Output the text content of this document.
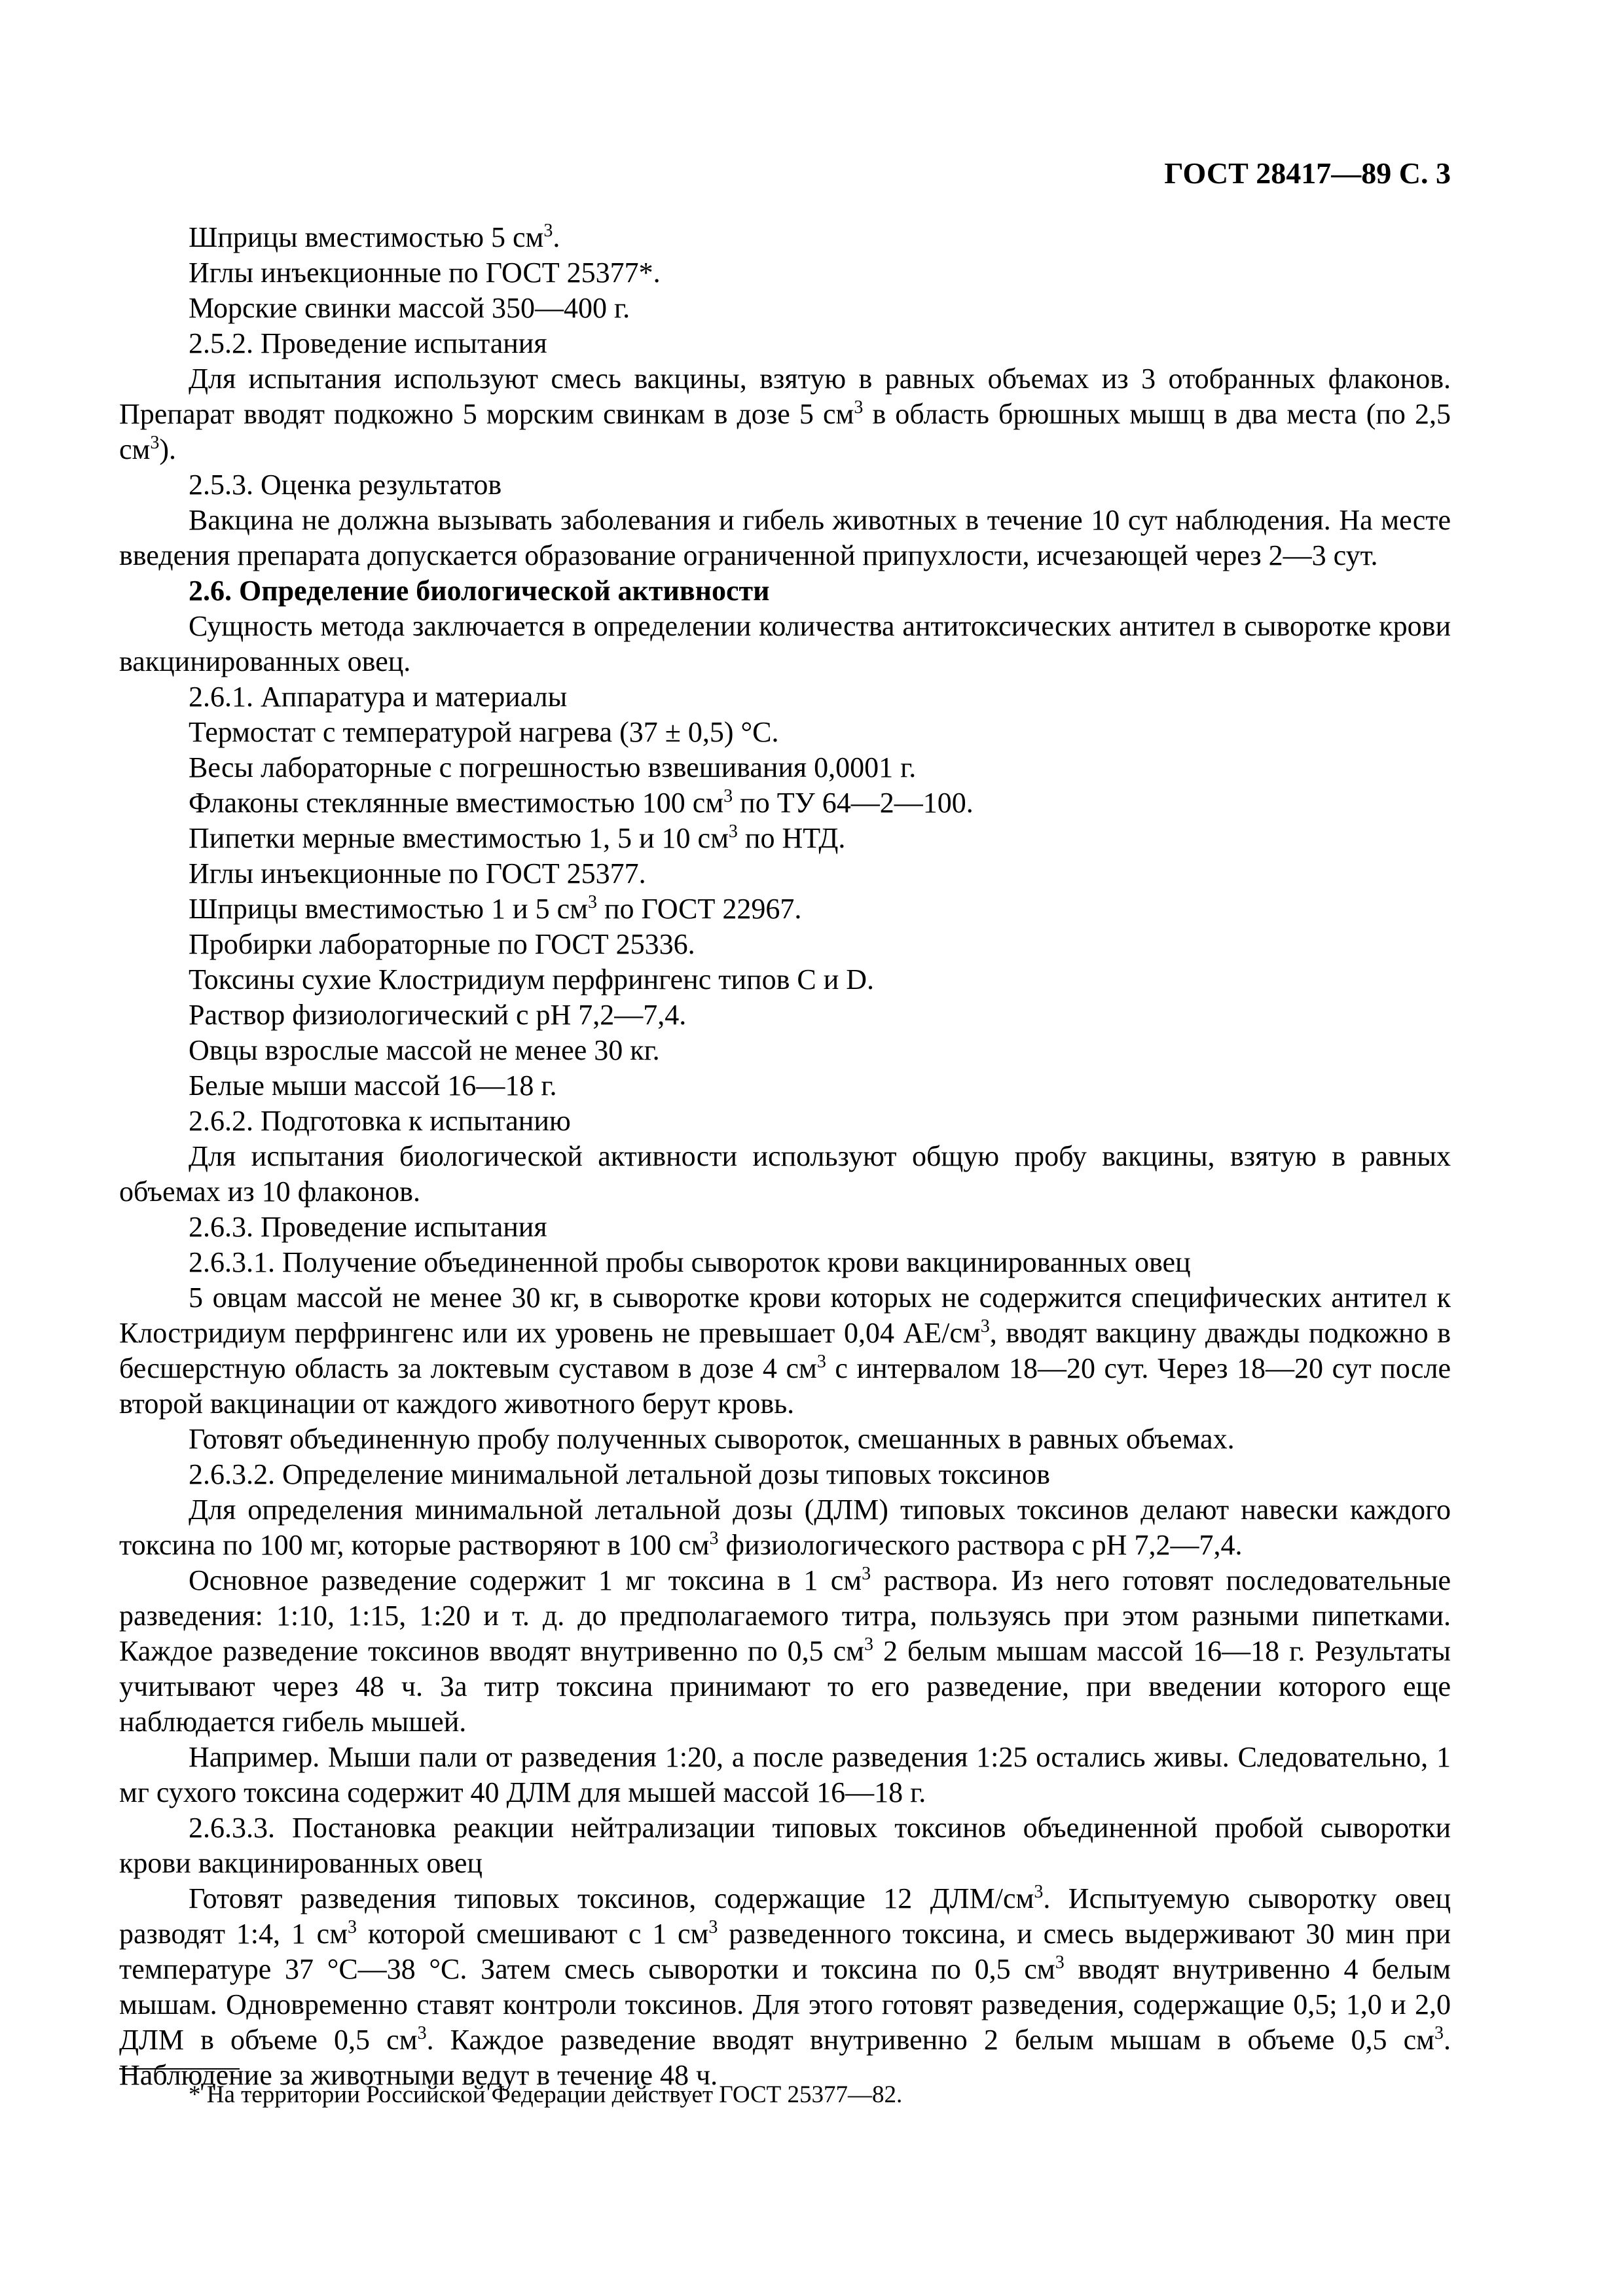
ГОСТ 28417—89 С. 3

Шприцы вместимостью 5 $см^3$.

Иглы инъекционные по ГОСТ 25377*.

Морские свинки массой 350—400 г.

2.5.2. Проведение испытания

Для испытания используют смесь вакцины, взятую в равных объемах из 3 отобранных флаконов. Препарат вводят подкожно 5 морским свинкам в дозе 5 $см^3$ в область брюшных мышц в два места (по 2,5 $см^3$).

2.5.3. Оценка результатов

Вакцина не должна вызывать заболевания и гибель животных в течение 10 сут наблюдения. На месте введения препарата допускается образование ограниченной припухлости, исчезающей через 2—3 сут.

2.6. Определение биологической активности

Сущность метода заключается в определении количества антитоксических антител в сыворотке крови вакцинированных овец.

2.6.1. Аппаратура и материалы

Термостат с температурой нагрева (37 ± 0,5) °С.

Весы лабораторные с погрешностью взвешивания 0,0001 г.

Флаконы стеклянные вместимостью 100 $см^3$ по ТУ 64—2—100.

Пипетки мерные вместимостью 1, 5 и 10 $см^3$ по НТД.

Иглы инъекционные по ГОСТ 25377.

Шприцы вместимостью 1 и 5 $см^3$ по ГОСТ 22967.

Пробирки лабораторные по ГОСТ 25336.

Токсины сухие Клостридиум перфрингенс типов С и D.

Раствор физиологический с pH 7,2—7,4.

Овцы взрослые массой не менее 30 кг.

Белые мыши массой 16—18 г.

2.6.2. Подготовка к испытанию

Для испытания биологической активности используют общую пробу вакцины, взятую в равных объемах из 10 флаконов.

2.6.3. Проведение испытания

2.6.3.1. Получение объединенной пробы сывороток крови вакцинированных овец

5 овцам массой не менее 30 кг, в сыворотке крови которых не содержится специфических антител к Клостридиум перфрингенс или их уровень не превышает 0,04 $АЕ/см^3$, вводят вакцину дважды подкожно в бесшерстную область за локтевым суставом в дозе 4 $см^3$ с интервалом 18—20 сут. Через 18—20 сут после второй вакцинации от каждого животного берут кровь.

Готовят объединенную пробу полученных сывороток, смешанных в равных объемах.

2.6.3.2. Определение минимальной летальной дозы типовых токсинов

Для определения минимальной летальной дозы (ДЛМ) типовых токсинов делают навески каждого токсина по 100 мг, которые растворяют в 100 $см^3$ физиологического раствора с pH 7,2—7,4.

Основное разведение содержит 1 мг токсина в 1 $см^3$ раствора. Из него готовят последовательные разведения: 1:10, 1:15, 1:20 и т. д. до предполагаемого титра, пользуясь при этом разными пипетками. Каждое разведение токсинов вводят внутривенно по 0,5 $см^3$ 2 белым мышам массой 16—18 г. Результаты учитывают через 48 ч. За титр токсина принимают то его разведение, при введении которого еще наблюдается гибель мышей.

Например. Мыши пали от разведения 1:20, а после разведения 1:25 остались живы. Следовательно, 1 мг сухого токсина содержит 40 ДЛМ для мышей массой 16—18 г.

2.6.3.3. Постановка реакции нейтрализации типовых токсинов объединенной пробой сыворотки крови вакцинированных овец

Готовят разведения типовых токсинов, содержащие 12 ДЛМ/$см^3$. Испытуемую сыворотку овец разводят 1:4, 1 $см^3$ которой смешивают с 1 $см^3$ разведенного токсина, и смесь выдерживают 30 мин при температуре 37 °С—38 °С. Затем смесь сыворотки и токсина по 0,5 $см^3$ вводят внутривенно 4 белым мышам. Одновременно ставят контроли токсинов. Для этого готовят разведения, содержащие 0,5; 1,0 и 2,0 ДЛМ в объеме 0,5 $см^3$. Каждое разведение вводят внутривенно 2 белым мышам в объеме 0,5 $см^3$. Наблюдение за животными ведут в течение 48 ч.

* На территории Российской Федерации действует ГОСТ 25377—82.
